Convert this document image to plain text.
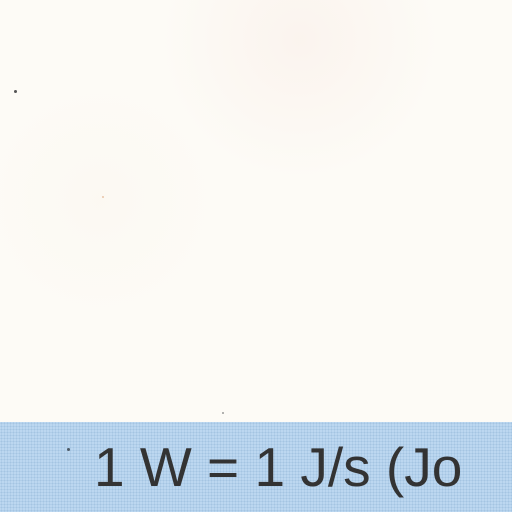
1 W = 1 J/s (Jo
